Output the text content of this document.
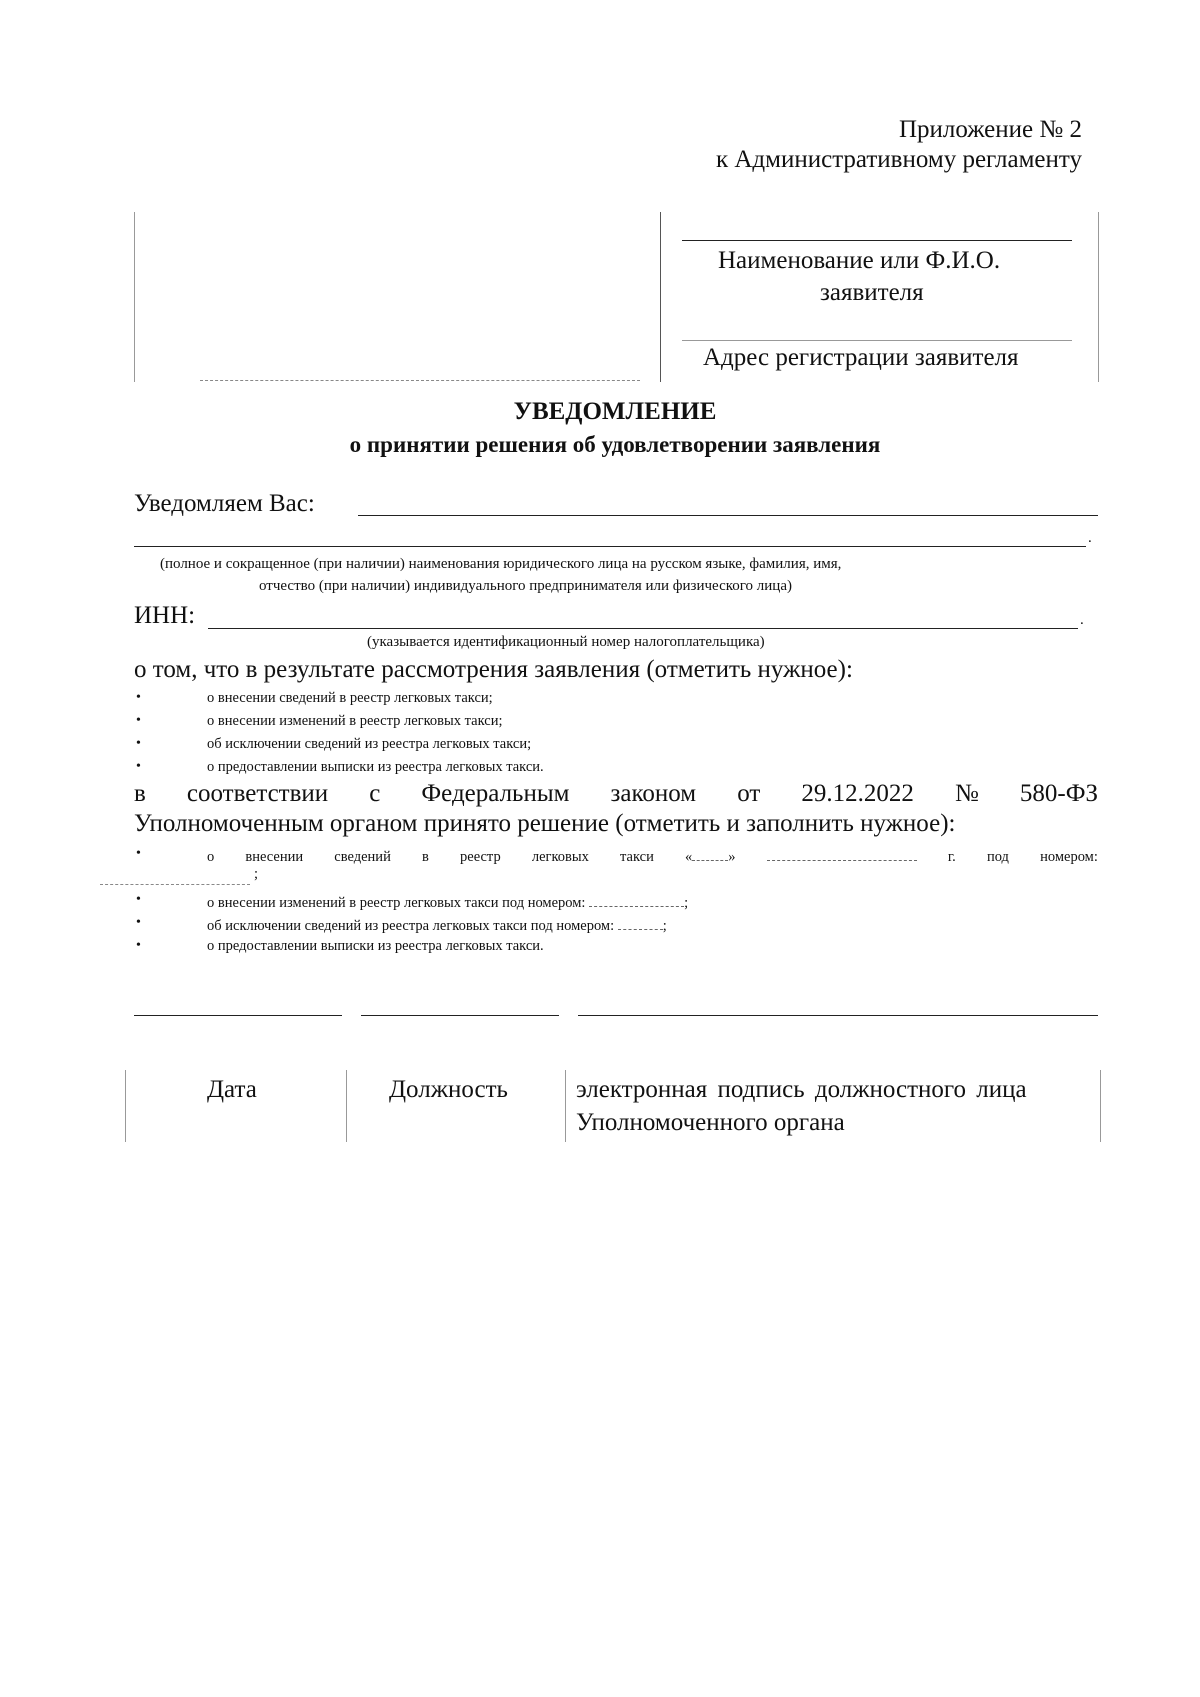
Приложение № 2
к Административному регламенту
Наименование или Ф.И.О.
заявителя
Адрес регистрации заявителя
УВЕДОМЛЕНИЕ
о принятии решения об удовлетворении заявления
Уведомляем Вас:
.
(полное и сокращенное (при наличии) наименования юридического лица на русском языке, фамилия, имя,
отчество (при наличии) индивидуального предпринимателя или физического лица)
ИНН:	.
(указывается идентификационный номер налогоплательщика)
о том, что в результате рассмотрения заявления (отметить нужное):
•	о внесении сведений в реестр легковых такси;
•	о внесении изменений в реестр легковых такси;
•	об исключении сведений из реестра легковых такси;
•	о предоставлении выписки из реестра легковых такси.
в соответствии с Федеральным законом от 29.12.2022 № 580-ФЗ
Уполномоченным органом принято решение (отметить и заполнить нужное):
•	о внесении сведений в реестр легковых такси « »	г. под номером:
;
•	о внесении изменений в реестр легковых такси под номером:	;
•	об исключении сведений из реестра легковых такси под номером:	;
•	о предоставлении выписки из реестра легковых такси.
Дата	Должность	электронная подпись должностного лица
Уполномоченного органа
